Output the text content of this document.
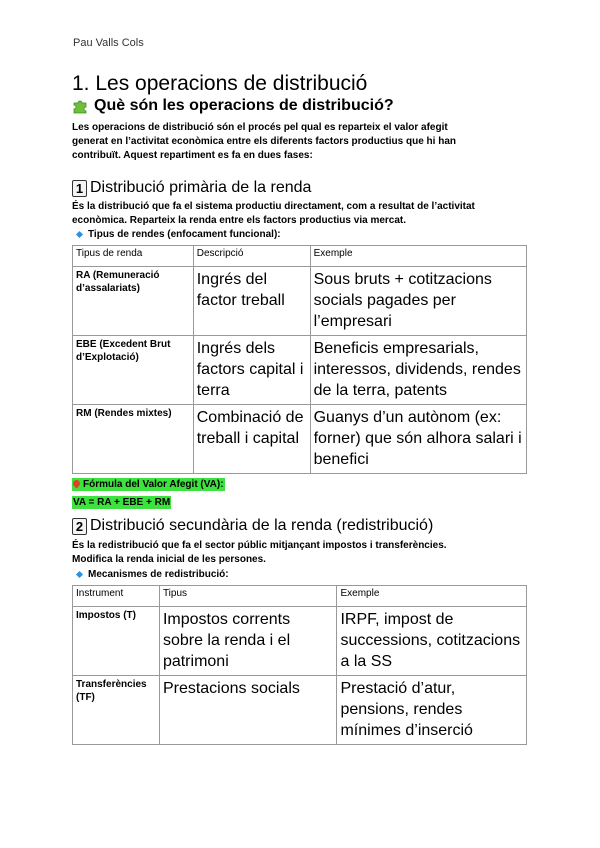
Pau Valls Cols
1. Les operacions de distribució
Què són les operacions de distribució?
Les operacions de distribució són el procés pel qual es reparteix el valor afegit
generat en l’activitat econòmica entre els diferents factors productius que hi han
contribuït. Aquest repartiment es fa en dues fases:
1 Distribució primària de la renda
És la distribució que fa el sistema productiu directament, com a resultat de l’activitat
econòmica. Reparteix la renda entre els factors productius via mercat.
Tipus de rendes (enfocament funcional):
Tipus de renda	Descripció	Exemple
RA (Remuneració d’assalariats)	Ingrés del factor treball	Sous bruts + cotitzacions socials pagades per l’empresari
EBE (Excedent Brut d’Explotació)	Ingrés dels factors capital i terra	Beneficis empresarials, interessos, dividends, rendes de la terra, patents
RM (Rendes mixtes)	Combinació de treball i capital	Guanys d’un autònom (ex: forner) que són alhora salari i benefici
Fórmula del Valor Afegit (VA):
VA = RA + EBE + RM
2 Distribució secundària de la renda (redistribució)
És la redistribució que fa el sector públic mitjançant impostos i transferències.
Modifica la renda inicial de les persones.
Mecanismes de redistribució:
Instrument	Tipus	Exemple
Impostos (T)	Impostos corrents sobre la renda i el patrimoni	IRPF, impost de successions, cotitzacions a la SS
Transferències (TF)	Prestacions socials	Prestació d’atur, pensions, rendes mínimes d’inserció
